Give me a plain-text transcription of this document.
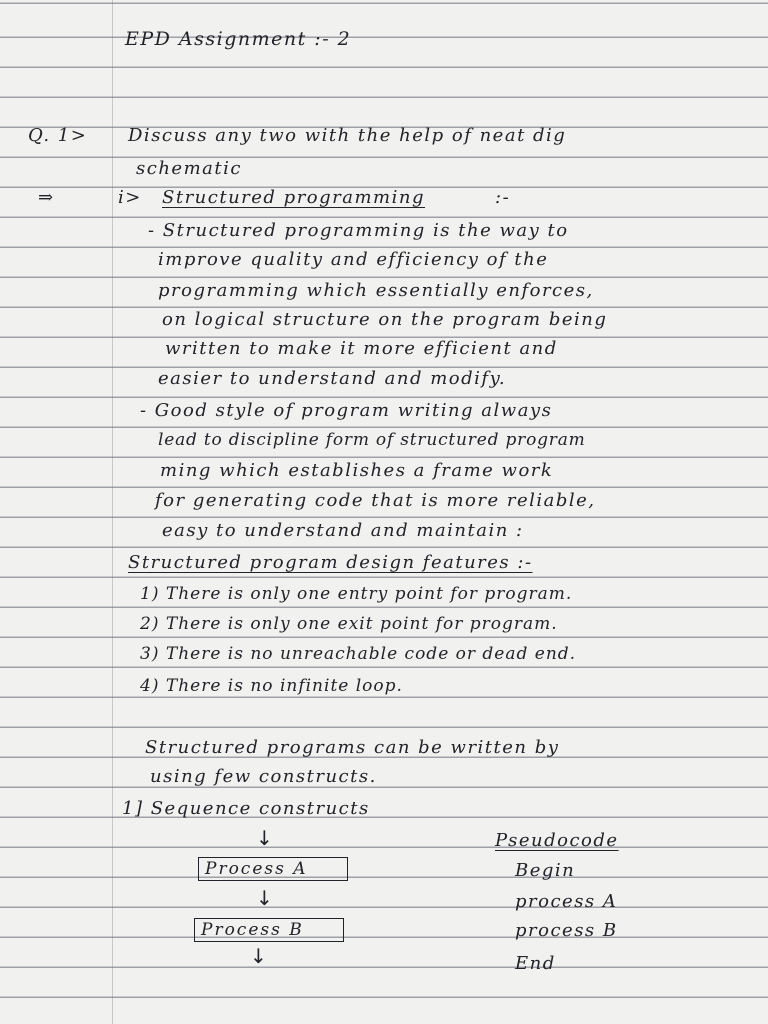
EPD Assignment :- 2
Q. 1> Discuss any two with the help of neat dig
schematic
⇒	i> Structured programming	:-
- Structured programming is the way to
improve quality and efficiency of the
programming which essentially enforces,
on logical structure on the program being
written to make it more efficient and
easier to understand and modify.
- Good style of program writing always
lead to discipline form of structured program
ming which establishes a frame work
for generating code that is more reliable,
easy to understand and maintain :
Structured program design features :-
1) There is only one entry point for program.
2) There is only one exit point for program.
3) There is no unreachable code or dead end.
4) There is no infinite loop.
Structured programs can be written by
using few constructs.
1] Sequence constructs
↓
Process A
↓
Process B
↓
Pseudocode
Begin
process A
process B
End
